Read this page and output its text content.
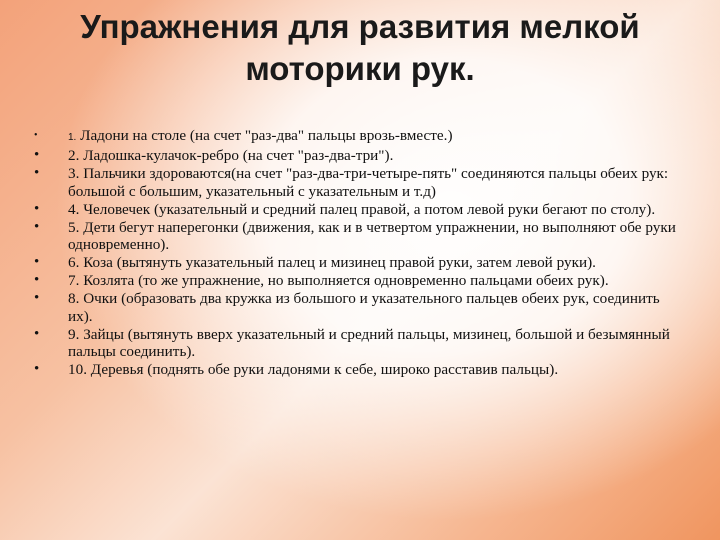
Упражнения для развития мелкой
моторики рук.
•	1. Ладони на столе (на счет "раз-два" пальцы врозь-вместе.)
• 2. Ладошка-кулачок-ребро (на счет "раз-два-три").
• 3. Пальчики здороваются(на счет "раз-два-три-четыре-пять" соединяются пальцы обеих рук: большой с большим, указательный с указательным и т.д)
• 4. Человечек (указательный и средний палец правой, а потом левой руки бегают по столу).
• 5. Дети бегут наперегонки (движения, как и в четвертом упражнении, но выполняют обе руки одновременно).
• 6. Коза (вытянуть указательный палец и мизинец правой руки, затем левой руки).
• 7. Козлята (то же упражнение, но выполняется одновременно пальцами обеих рук).
• 8. Очки (образовать два кружка из большого и указательного пальцев обеих рук, соединить их).
• 9. Зайцы (вытянуть вверх указательный и средний пальцы, мизинец, большой и безымянный пальцы соединить).
• 10. Деревья (поднять обе руки ладонями к себе, широко расставив пальцы).
